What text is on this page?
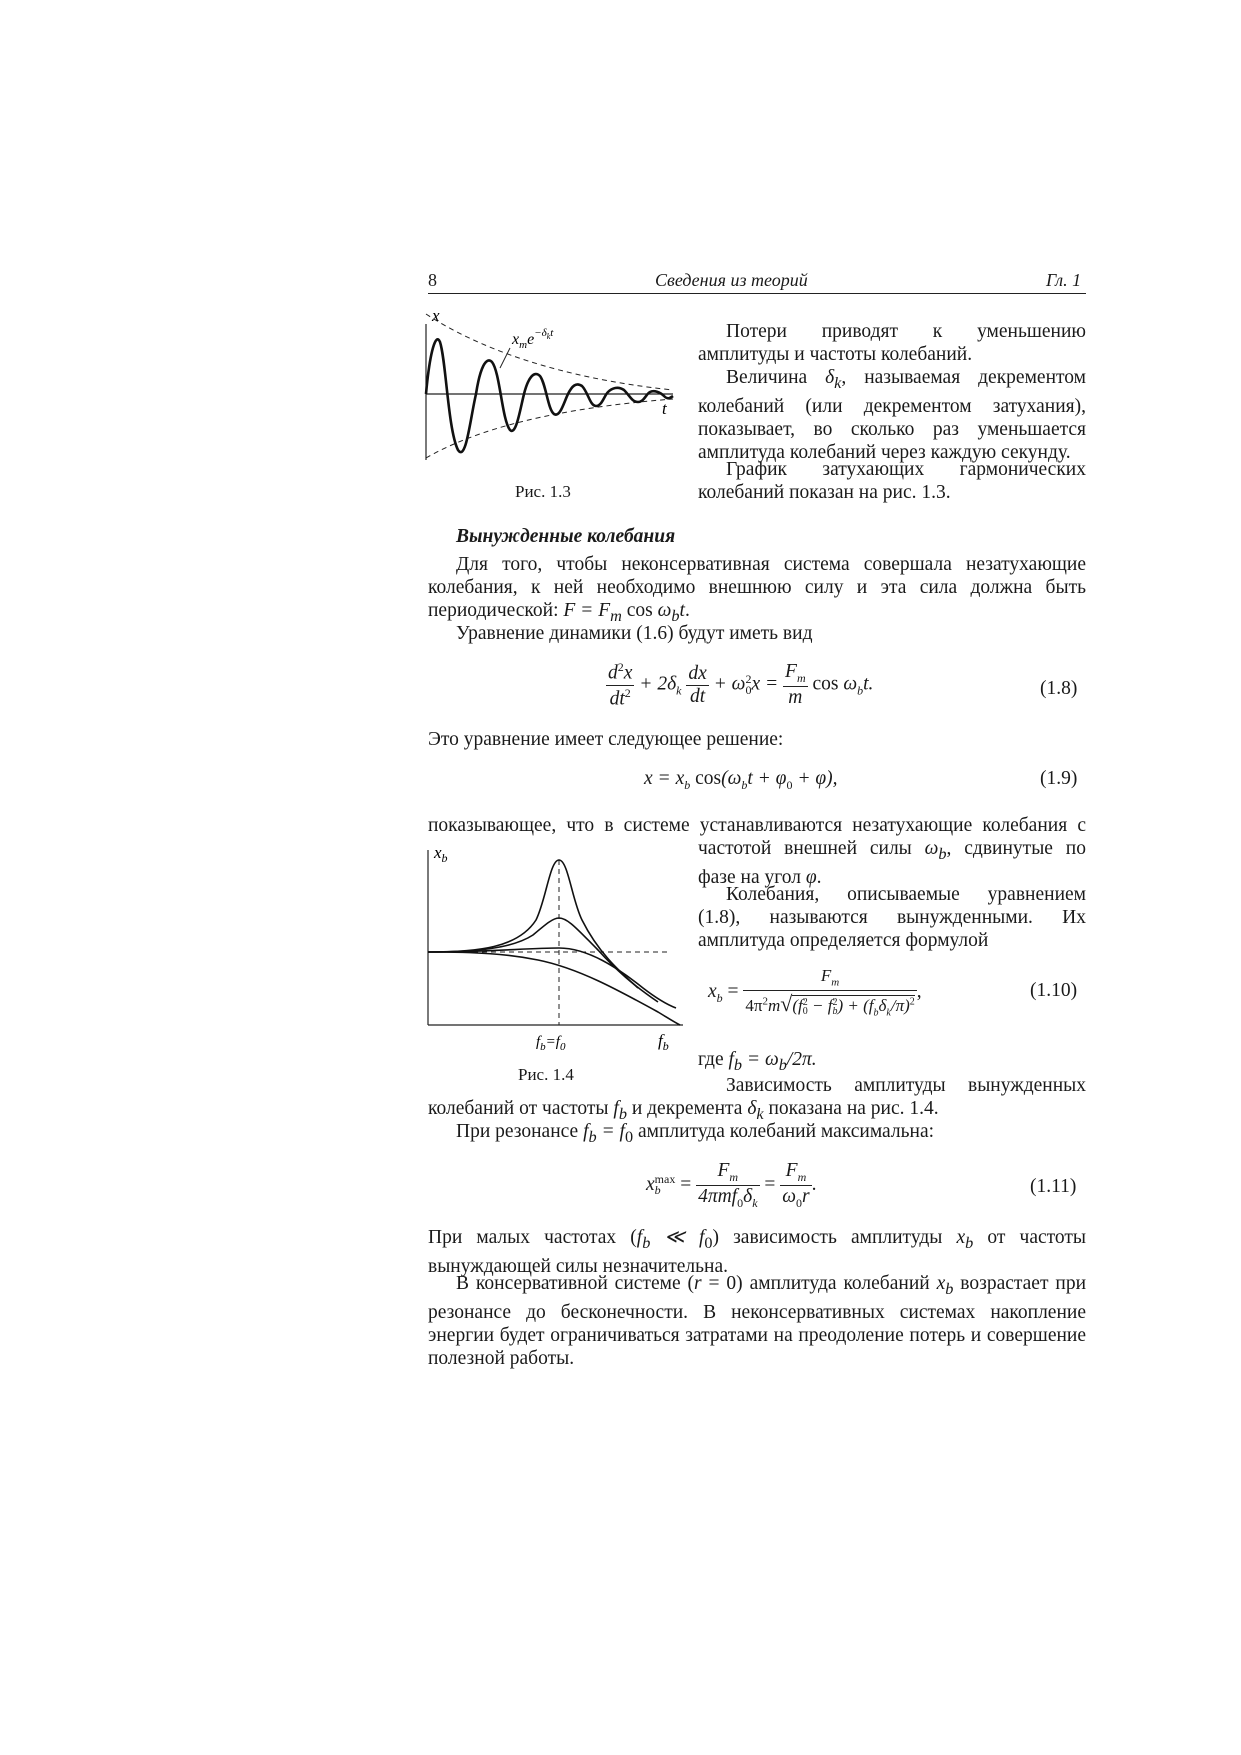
8	Сведения из теорий	Гл. 1
x
t
$x_me^{-\delta}kt$
Рис. 1.3
Потери приводят к уменьшению амплитуды и частоты колебаний.
Величина $\delta_k$, называемая декрементом колебаний (или декрементом затухания), показывает, во сколько раз уменьшается амплитуда колебаний через каждую секунду.
График затухающих гармонических колебаний показан на рис. 1.3.
Вынужденные колебания
Для того, чтобы неконсервативная система совершала незатухающие колебания, к ней необходимо внешнюю силу и эта сила должна быть периодической: $F = F_m$ $\cos \omega_bt$.
Уравнение динамики (1.6) будут иметь вид
$\frac{d^2x}{dt^2} + 2\delta_k \frac{dx}{dt} + \omega$ 2
0 $x = \frac{F_m}{m}$ $\cos \omega_bt$.	(1.8)
Это уравнение имеет следующее решение:
$x = x_b$ $\cos(\omega_bt + \varphi_0 + \varphi)$,	(1.9)
показывающее, что в системе устанавливаются незатухающие колебания с
частотой внешней силы $\omega_b$, сдвинутые по фазе на угол φ.
Колебания, описываемые уравнением (1.8), называются вынужденными. Их амплитуда определяется формулой
$x_b$
$f_b$
$f_b=f_0$
Рис. 1.4
$x_b = F_m$
$4\pi^2m√(f$ 2
0 − f 2
b ) + $(f_b\delta_k/\pi)^2$ ,	(1.10)
где $f_b = \omega_b/2\pi$.
Зависимость амплитуды вынужденных
колебаний от частоты $f_b$ и декремента $\delta_k$ показана на рис. 1.4.
При резонансе $f_b = f_0$ амплитуда колебаний максимальна:
x max
b	= $\frac{F_m}{4\pi mf_0\delta_k} = \frac{F_m}{\omega_0r}$ .	(1.11)
При малых частотах ($f_b$ ≪ $f_0$) зависимость амплитуды $x_b$ от частоты вынуждающей силы незначительна.
В консервативной системе (r = 0) амплитуда колебаний $x_b$ возрастает при резонансе до бесконечности. В неконсервативных системах накопление энергии будет ограничиваться затратами на преодоление потерь и совершение полезной работы.
